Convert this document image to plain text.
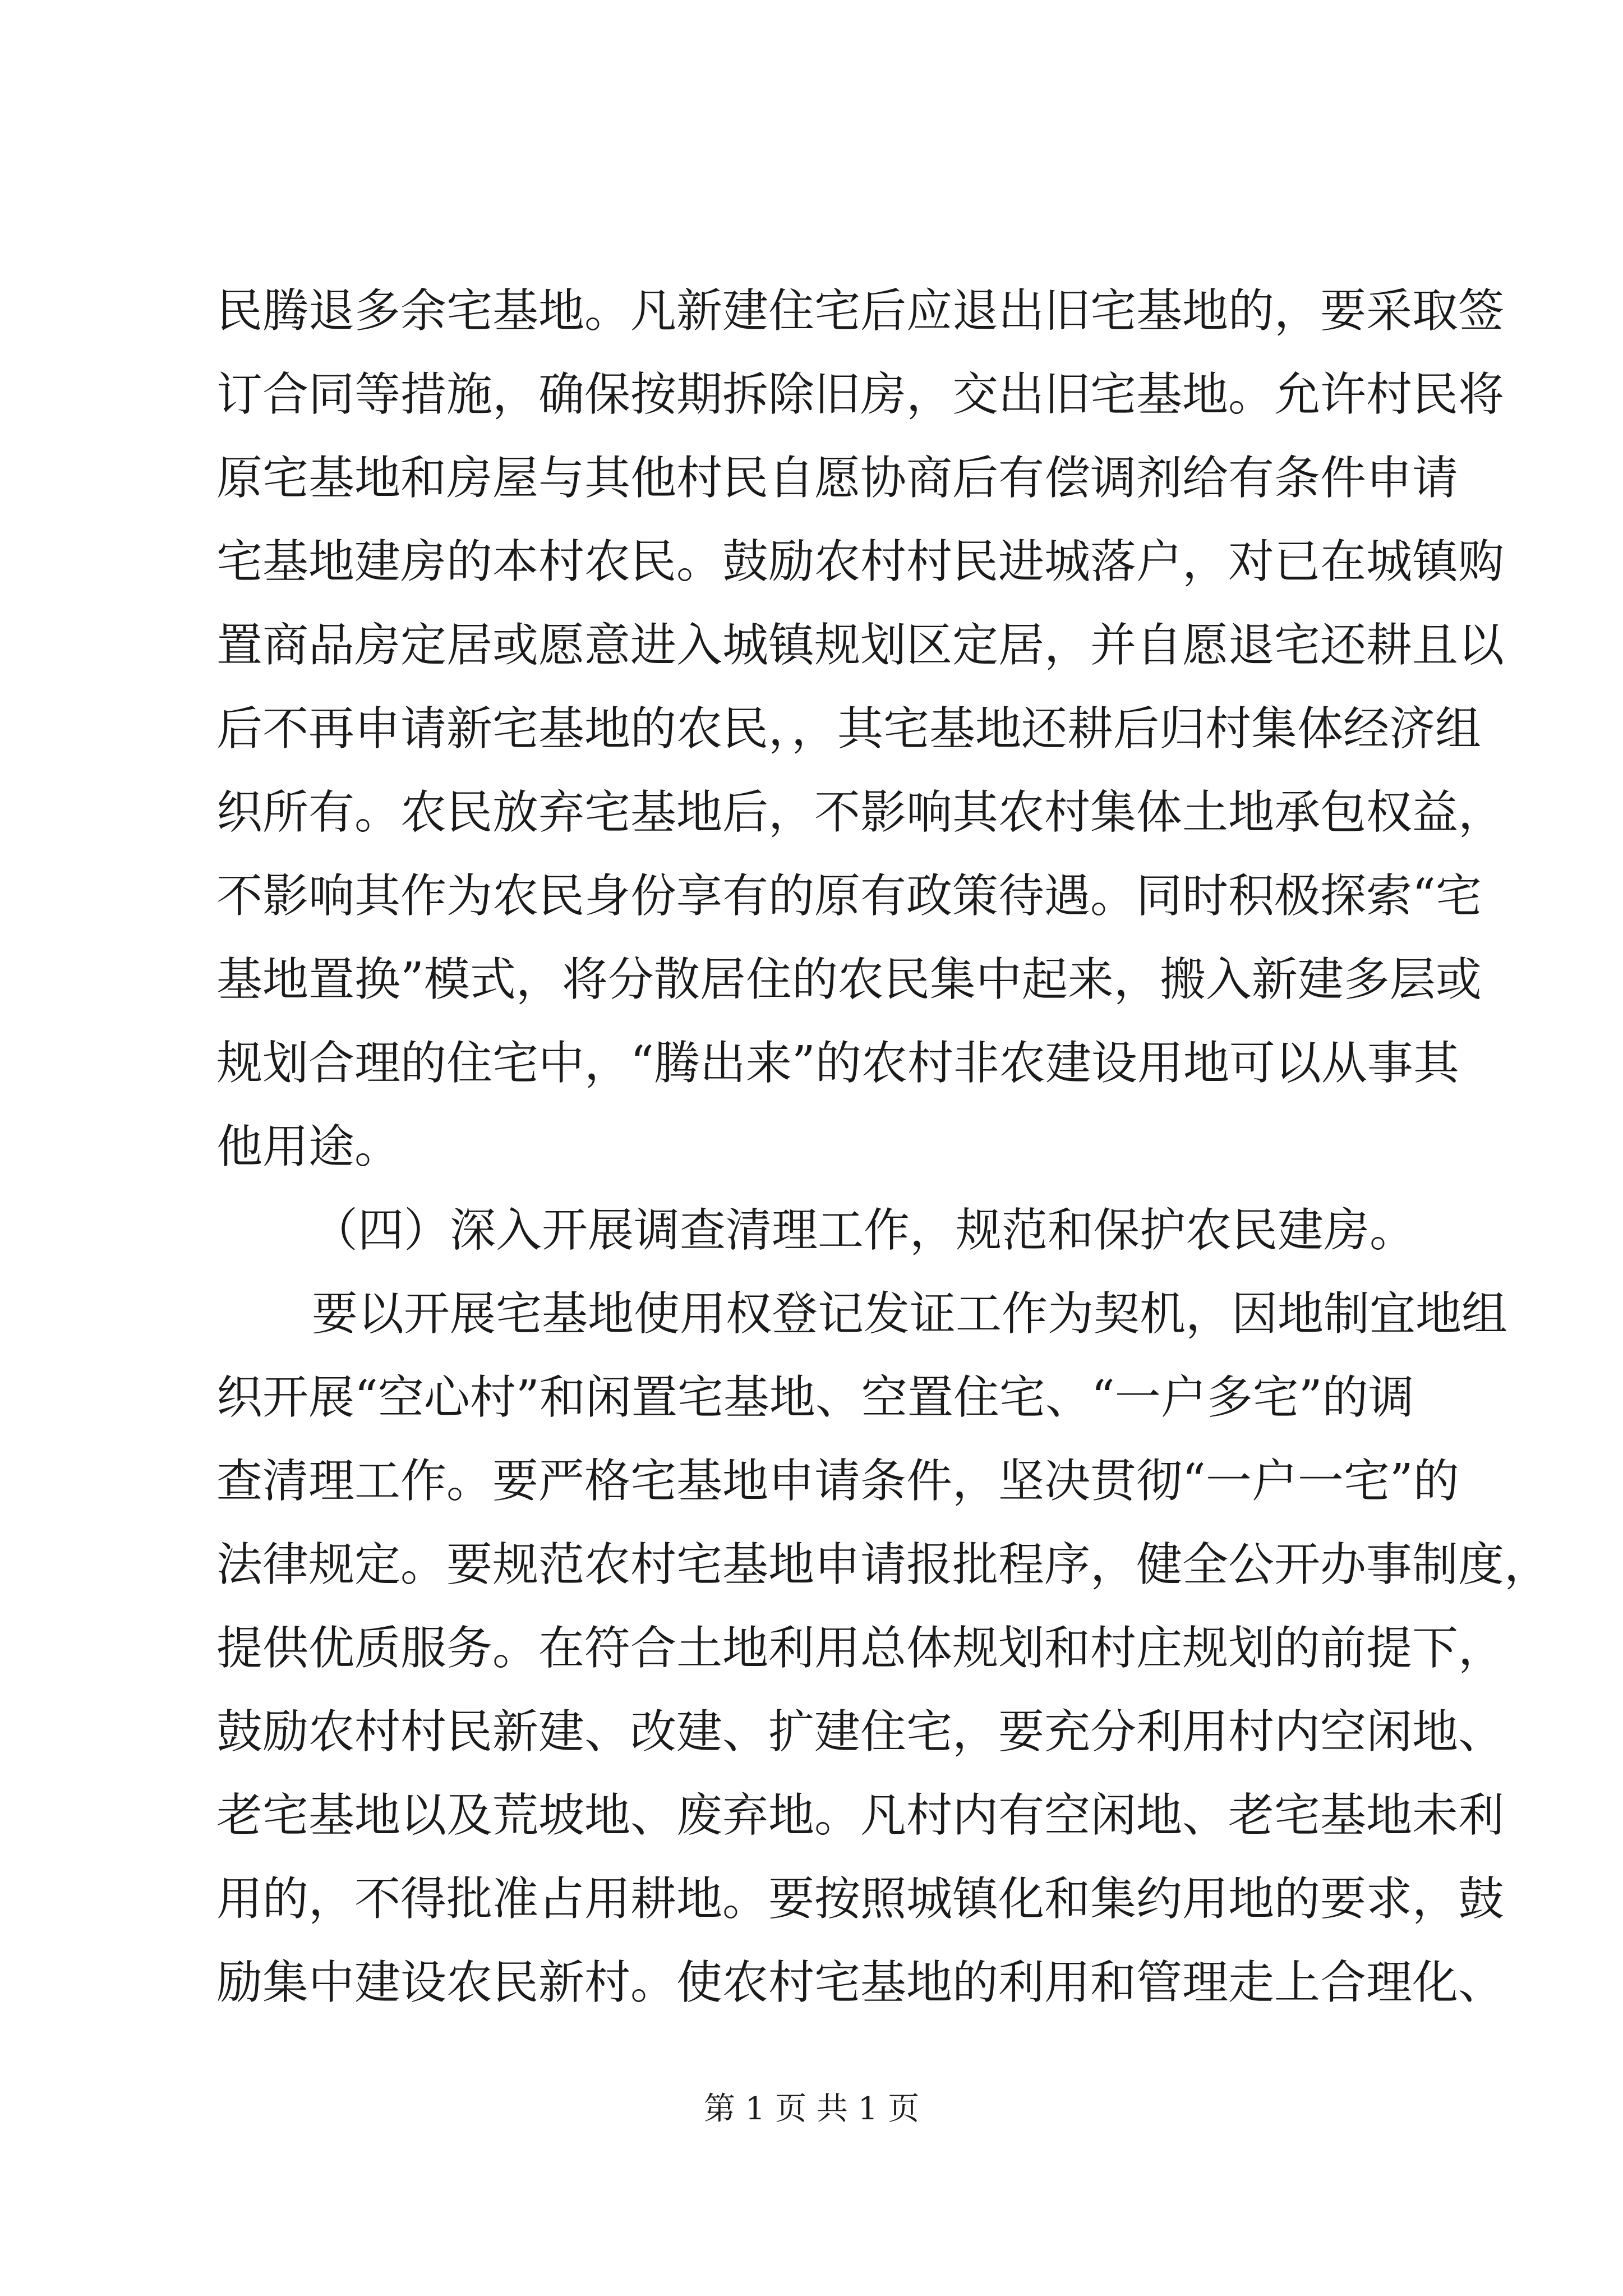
民腾退多余宅基地。凡新建住宅后应退出旧宅基地的，要采取签
订合同等措施，确保按期拆除旧房，交出旧宅基地。允许村民将
原宅基地和房屋与其他村民自愿协商后有偿调剂给有条件申请
宅基地建房的本村农民。鼓励农村村民进城落户，对已在城镇购
置商品房定居或愿意进入城镇规划区定居，并自愿退宅还耕且以
后不再申请新宅基地的农民，，其宅基地还耕后归村集体经济组
织所有。农民放弃宅基地后，不影响其农村集体土地承包权益，
不影响其作为农民身份享有的原有政策待遇。同时积极探索“宅
基地置换”模式，将分散居住的农民集中起来，搬入新建多层或
规划合理的住宅中，“腾出来”的农村非农建设用地可以从事其
他用途。
（四）深入开展调查清理工作，规范和保护农民建房。
要以开展宅基地使用权登记发证工作为契机，因地制宜地组
织开展“空心村”和闲置宅基地、空置住宅、“一户多宅”的调
查清理工作。要严格宅基地申请条件，坚决贯彻“一户一宅”的
法律规定。要规范农村宅基地申请报批程序，健全公开办事制度，
提供优质服务。在符合土地利用总体规划和村庄规划的前提下，
鼓励农村村民新建、改建、扩建住宅，要充分利用村内空闲地、
老宅基地以及荒坡地、废弃地。凡村内有空闲地、老宅基地未利
用的，不得批准占用耕地。要按照城镇化和集约用地的要求，鼓
励集中建设农民新村。使农村宅基地的利用和管理走上合理化、
第 1 页 共 1 页
